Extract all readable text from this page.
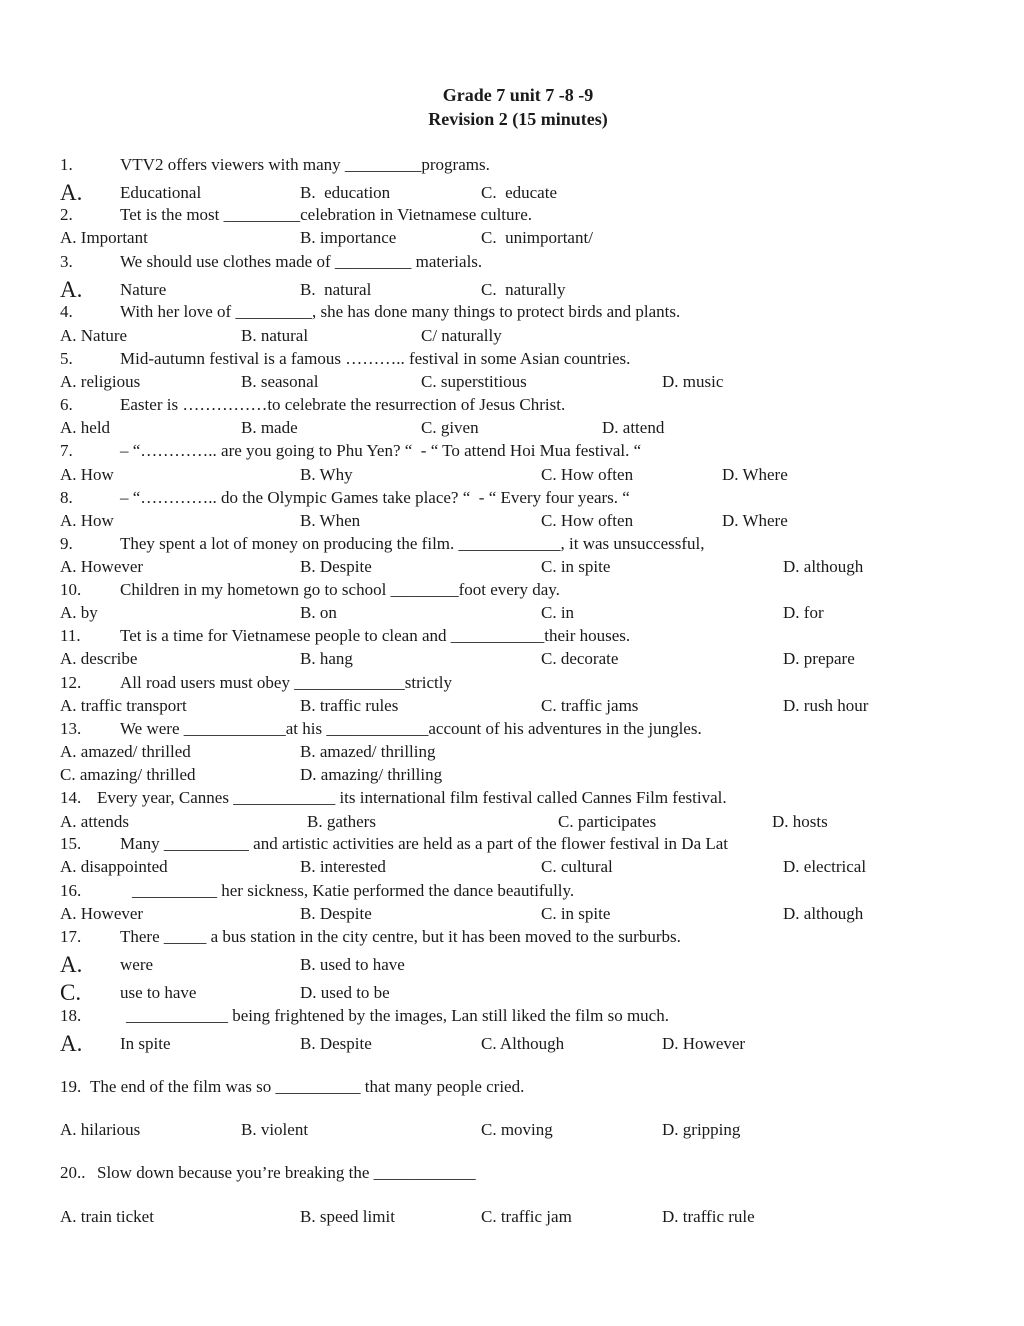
Grade 7 unit 7 -8 -9
Revision 2 (15 minutes)
1.	VTV2 offers viewers with many _________programs.
A. Educational	B.  education	C.  educate
2.	Tet is the most _________celebration in Vietnamese culture.
A. Important	B. importance	C.  unimportant/
3.	We should use clothes made of _________ materials.
A. Nature	B.  natural	C.  naturally
4.	With her love of _________, she has done many things to protect birds and plants.
A. Nature	B. natural	C/ naturally
5.	Mid-autumn festival is a famous ……….. festival in some Asian countries.
A. religious	B. seasonal	C. superstitious	D. music
6.	Easter is ……………to celebrate the resurrection of Jesus Christ.
A. held	B. made	C. given	D. attend
7.	– “………….. are you going to Phu Yen? “  - “ To attend Hoi Mua festival. “
A. How	B. Why	C. How often	D. Where
8.	– “………….. do the Olympic Games take place? “  - “ Every four years. “
A. How	B. When	C. How often	D. Where
9.	They spent a lot of money on producing the film. ____________, it was unsuccessful,
A. However	B. Despite	C. in spite	D. although
10. Children in my hometown go to school ________foot every day.
A. by	B. on	C. in	D. for
11. Tet is a time for Vietnamese people to clean and ___________their houses.
A. describe	B. hang	C. decorate	D. prepare
12. All road users must obey _____________strictly
A. traffic transport	B. traffic rules	C. traffic jams	D. rush hour
13. We were ____________at his ____________account of his adventures in the jungles.
A. amazed/ thrilled	B. amazed/ thrilling
C. amazing/ thrilled	D. amazing/ thrilling
14. Every year, Cannes ____________ its international film festival called Cannes Film festival.
A. attends	B. gathers	C. participates	D. hosts
15. Many __________ and artistic activities are held as a part of the flower festival in Da Lat
A. disappointed	B. interested	C. cultural	D. electrical
16.	__________ her sickness, Katie performed the dance beautifully.
A. However	B. Despite	C. in spite	D. although
17. There _____ a bus station in the city centre, but it has been moved to the surburbs.
A. were	B. used to have
C. use to have	D. used to be
18.	____________ being frightened by the images, Lan still liked the film so much.
A. In spite	B. Despite	C. Although	D. However
19. The end of the film was so __________ that many people cried.
A. hilarious	B. violent	C. moving	D. gripping
20.. Slow down because you’re breaking the ____________
A. train ticket	B. speed limit	C. traffic jam	D. traffic rule
